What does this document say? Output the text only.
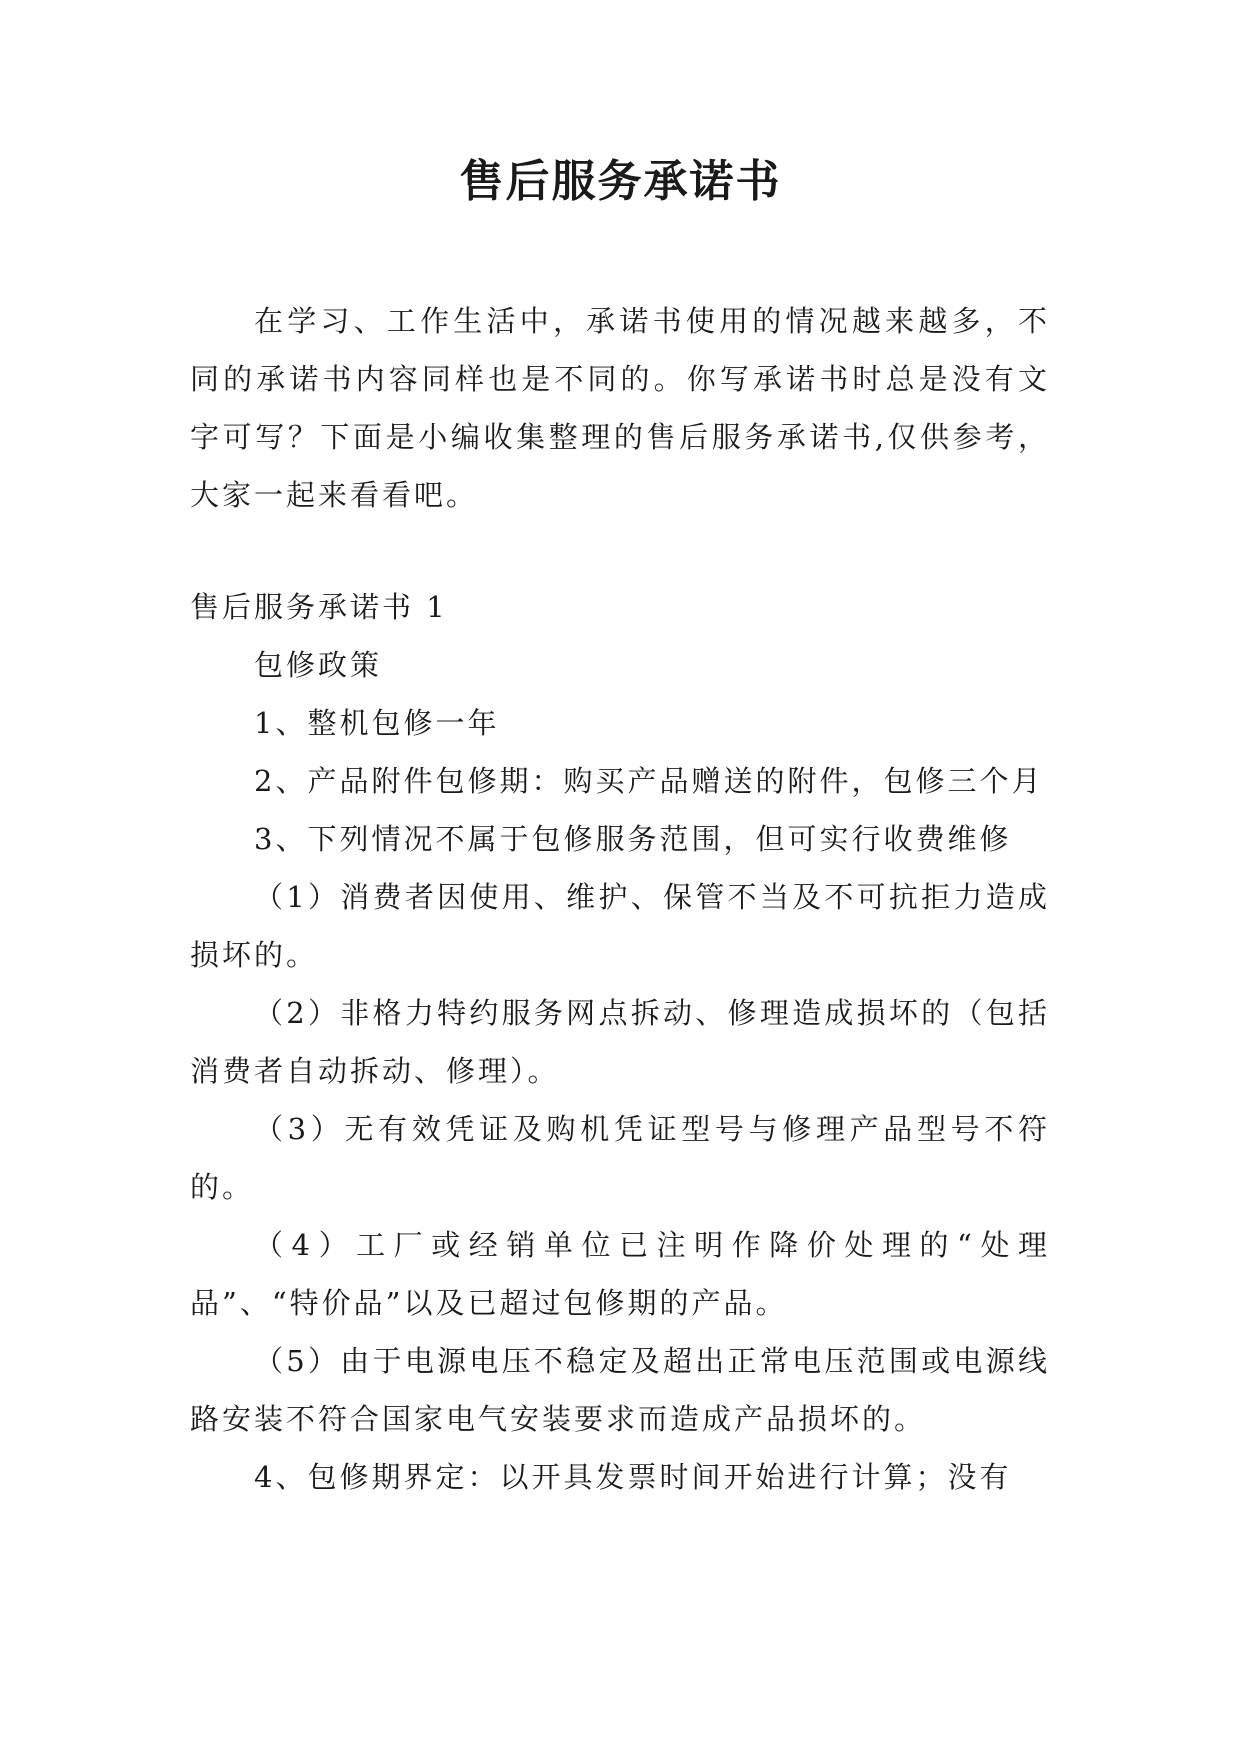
售后服务承诺书

在学习、工作生活中，承诺书使用的情况越来越多，不同的承诺书内容同样也是不同的。你写承诺书时总是没有文字可写？下面是小编收集整理的售后服务承诺书,仅供参考，大家一起来看看吧。

售后服务承诺书 1

包修政策

1、整机包修一年

2、产品附件包修期：购买产品赠送的附件，包修三个月

3、下列情况不属于包修服务范围，但可实行收费维修

（1）消费者因使用、维护、保管不当及不可抗拒力造成损坏的。

（2）非格力特约服务网点拆动、修理造成损坏的（包括消费者自动拆动、修理）。

（3）无有效凭证及购机凭证型号与修理产品型号不符的。

（4）工厂或经销单位已注明作降价处理的“处理品”、“特价品”以及已超过包修期的产品。

（5）由于电源电压不稳定及超出正常电压范围或电源线路安装不符合国家电气安装要求而造成产品损坏的。

4、包修期界定：以开具发票时间开始进行计算；没有
